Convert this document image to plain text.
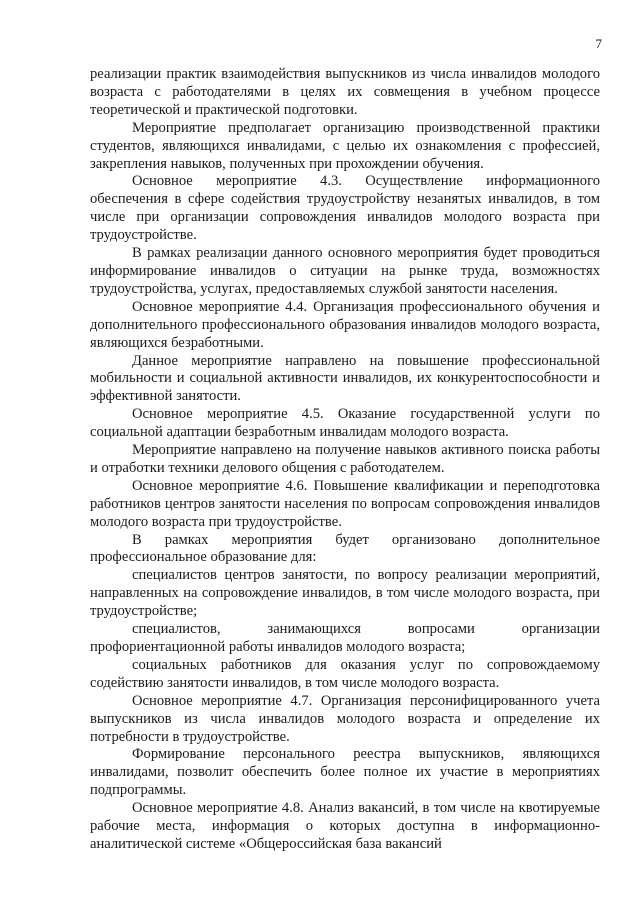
7

реализации практик взаимодействия выпускников из числа инвалидов молодого возраста с работодателями в целях их совмещения в учебном процессе теоретической и практической подготовки.

Мероприятие предполагает организацию производственной практики студентов, являющихся инвалидами, с целью их ознакомления с профессией, закрепления навыков, полученных при прохождении обучения.

Основное мероприятие 4.3. Осуществление информационного обеспечения в сфере содействия трудоустройству незанятых инвалидов, в том числе при организации сопровождения инвалидов молодого возраста при трудоустройстве.

В рамках реализации данного основного мероприятия будет проводиться информирование инвалидов о ситуации на рынке труда, возможностях трудоустройства, услугах, предоставляемых службой занятости населения.

Основное мероприятие 4.4. Организация профессионального обучения и дополнительного профессионального образования инвалидов молодого возраста, являющихся безработными.

Данное мероприятие направлено на повышение профессиональной мобильности и социальной активности инвалидов, их конкурентоспособности и эффективной занятости.

Основное мероприятие 4.5. Оказание государственной услуги по социальной адаптации безработным инвалидам молодого возраста.

Мероприятие направлено на получение навыков активного поиска работы и отработки техники делового общения с работодателем.

Основное мероприятие 4.6. Повышение квалификации и переподготовка работников центров занятости населения по вопросам сопровождения инвалидов молодого возраста при трудоустройстве.

В рамках мероприятия будет организовано дополнительное профессиональное образование для:

специалистов центров занятости, по вопросу реализации мероприятий, направленных на сопровождение инвалидов, в том числе молодого возраста, при трудоустройстве;

специалистов, занимающихся вопросами организации профориентационной работы инвалидов молодого возраста;

социальных работников для оказания услуг по сопровождаемому содействию занятости инвалидов, в том числе молодого возраста.

Основное мероприятие 4.7. Организация персонифицированного учета выпускников из числа инвалидов молодого возраста и определение их потребности в трудоустройстве.

Формирование персонального реестра выпускников, являющихся инвалидами, позволит обеспечить более полное их участие в мероприятиях подпрограммы.

Основное мероприятие 4.8. Анализ вакансий, в том числе на квотируемые рабочие места, информация о которых доступна в информационно-аналитической системе «Общероссийская база вакансий
